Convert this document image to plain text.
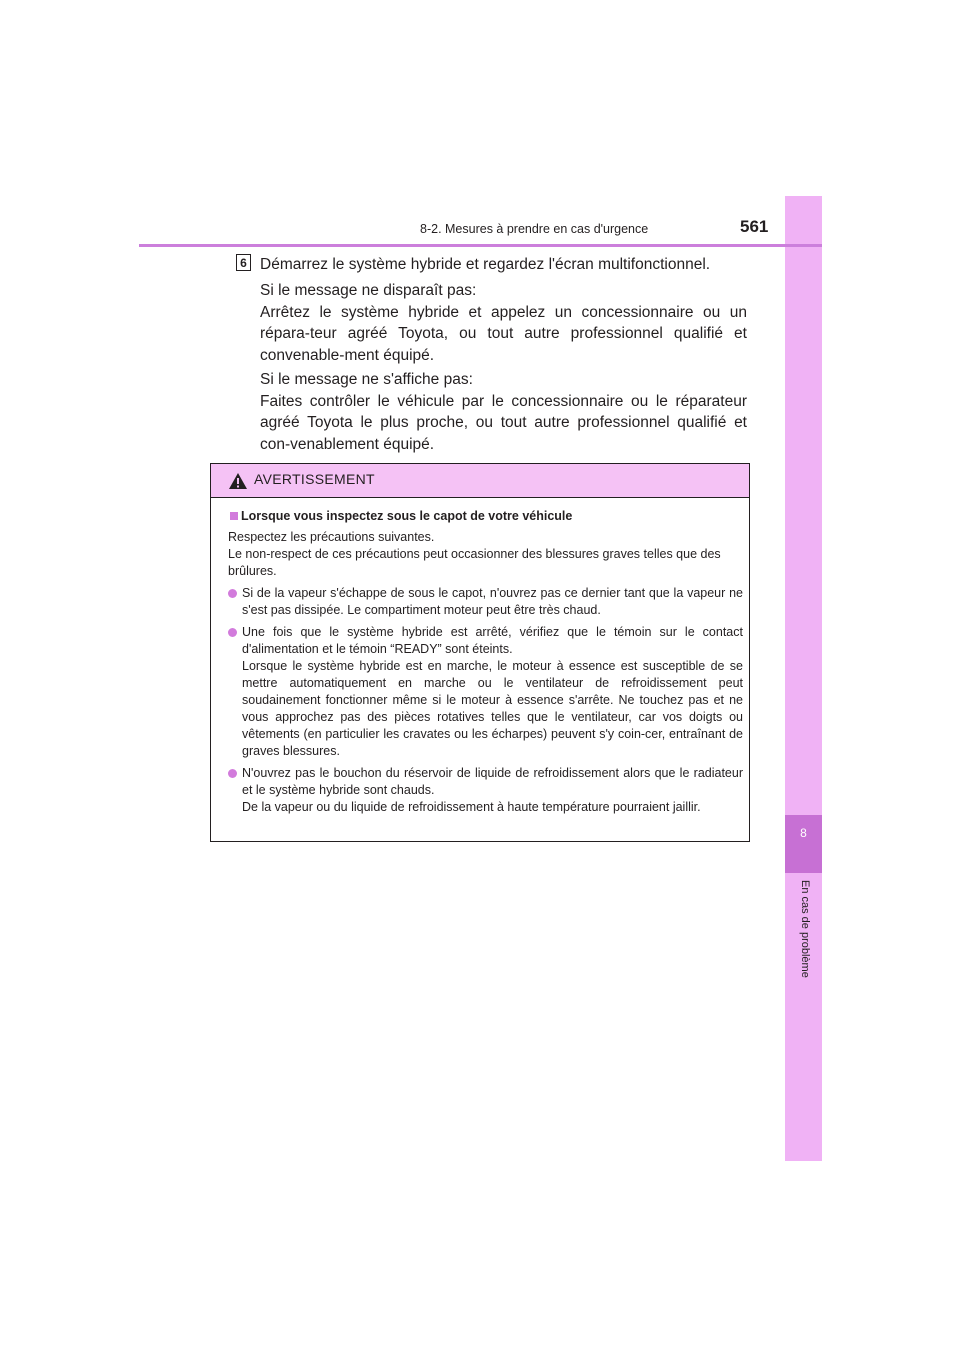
8
En cas de problème
8-2. Mesures à prendre en cas d'urgence	561
6 Démarrez le système hybride et regardez l'écran multifonctionnel.

Si le message ne disparaît pas:

Arrêtez le système hybride et appelez un concessionnaire ou un répara-teur agréé Toyota, ou tout autre professionnel qualifié et convenable-ment équipé.

Si le message ne s'affiche pas:

Faites contrôler le véhicule par le concessionnaire ou le réparateur agréé Toyota le plus proche, ou tout autre professionnel qualifié et con-venablement équipé.

AVERTISSEMENT

Lorsque vous inspectez sous le capot de votre véhicule

Respectez les précautions suivantes.

Le non-respect de ces précautions peut occasionner des blessures graves telles que des brûlures.

Si de la vapeur s'échappe de sous le capot, n'ouvrez pas ce dernier tant que la vapeur ne s'est pas dissipée. Le compartiment moteur peut être très chaud.

Une fois que le système hybride est arrêté, vérifiez que le témoin sur le contact d'alimentation et le témoin “READY” sont éteints.
Lorsque le système hybride est en marche, le moteur à essence est susceptible de se mettre automatiquement en marche ou le ventilateur de refroidissement peut soudainement fonctionner même si le moteur à essence s'arrête. Ne touchez pas et ne vous approchez pas des pièces rotatives telles que le ventilateur, car vos doigts ou vêtements (en particulier les cravates ou les écharpes) peuvent s'y coin-cer, entraînant de graves blessures.

N'ouvrez pas le bouchon du réservoir de liquide de refroidissement alors que le radiateur et le système hybride sont chauds.
De la vapeur ou du liquide de refroidissement à haute température pourraient jaillir.
